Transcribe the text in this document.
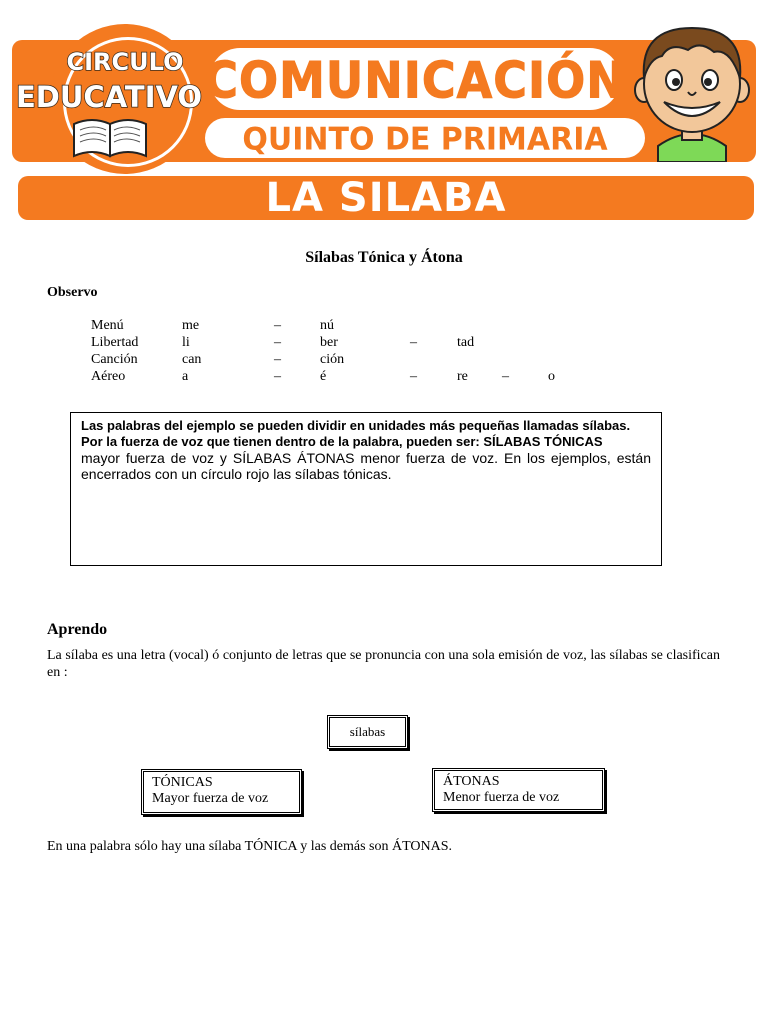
COMUNICACIÓN
QUINTO DE PRIMARIA
CIRCULO
EDUCATIVO
LA SILABA
Sílabas Tónica y Átona
Observo
Menú	me	–	nú
Libertad	li	–	ber	–	tad
Canción	can	–	ción
Aéreo	a	–	é	–	re –	o
Las palabras del ejemplo se pueden dividir en unidades más pequeñas llamadas sílabas.
Por la fuerza de voz que tienen dentro de la palabra, pueden ser: SÍLABAS TÓNICAS
mayor fuerza de voz y SÍLABAS ÁTONAS menor fuerza de voz. En los ejemplos, están encerrados con un círculo rojo las sílabas tónicas.
Aprendo
La sílaba es una letra (vocal) ó conjunto de letras que se pronuncia con una sola emisión de voz, las sílabas se clasifican en :
sílabas
TÓNICAS
Mayor fuerza de voz
ÁTONAS
Menor fuerza de voz
En una palabra sólo hay una sílaba TÓNICA y las demás son ÁTONAS.
